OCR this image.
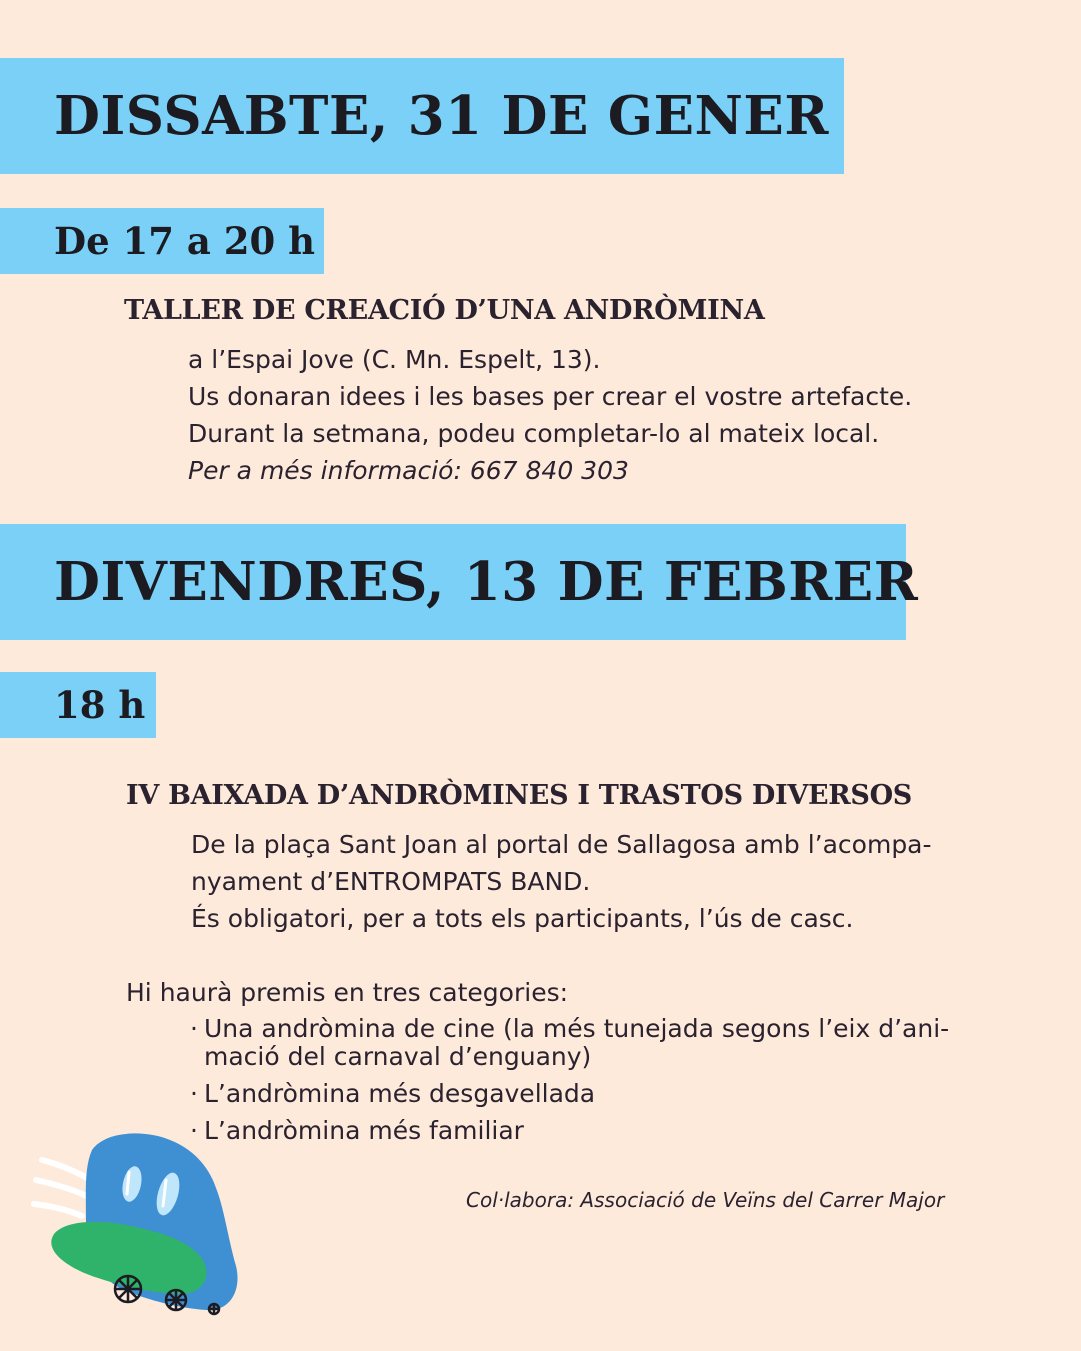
DISSABTE, 31 DE GENER
De 17 a 20 h

TALLER DE CREACIÓ D’UNA ANDRÒMINA

a l’Espai Jove (C. Mn. Espelt, 13).

Us donaran idees i les bases per crear el vostre artefacte.

Durant la setmana, podeu completar-lo al mateix local.

Per a més informació: 667 840 303

DIVENDRES, 13 DE FEBRER
18 h

IV BAIXADA D’ANDRÒMINES I TRASTOS DIVERSOS

De la plaça Sant Joan al portal de Sallagosa amb l’acompa-

nyament d’ENTROMPATS BAND.

És obligatori, per a tots els participants, l’ús de casc.

Hi haurà premis en tres categories:

· Una andròmina de cine (la més tunejada segons l’eix d’ani-

mació del carnaval d’enguany)

· L’andròmina més desgavellada

· L’andròmina més familiar

Col·labora: Associació de Veïns del Carrer Major
